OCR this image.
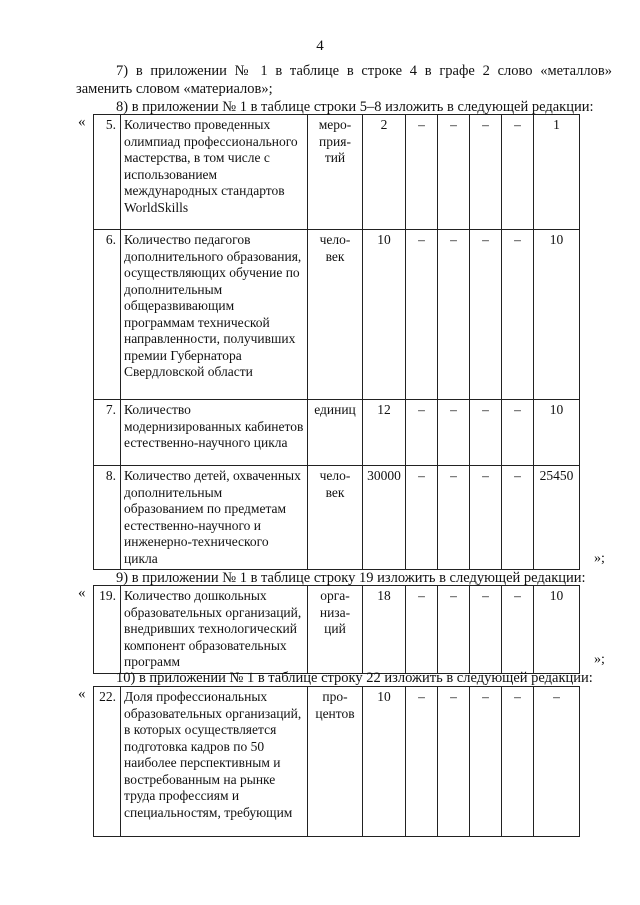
4
7) в приложении № 1 в таблице в строке 4 в графе 2 слово «металлов»
заменить словом «материалов»;
8) в приложении № 1 в таблице строки 5–8 изложить в следующей редакции:
« 5.	Количество проведенных олимпиад профессионального мастерства, в том числе с использованием международных стандартов WorldSkills	меро-
прия-
тий	2	–	–	–	–	1
6.	Количество педагогов дополнительного образования, осуществляющих обучение по дополнительным общеразвивающим программам технической направленности, получивших премии Губернатора Свердловской области	чело-
век	10	–	–	–	–	10
7.	Количество модернизированных кабинетов естественно-научного цикла	единиц	12	–	–	–	–	10
8.	Количество детей, охваченных дополнительным образованием по предметам естественно-научного и инженерно-технического цикла	чело-
век	30000	–	–	–	–	25450
»;
9) в приложении № 1 в таблице строку 19 изложить в следующей редакции:
« 19.	Количество дошкольных образовательных организаций, внедривших технологический компонент образовательных программ	орга-
низа-
ций	18	–	–	–	–	10
»;
10) в приложении № 1 в таблице строку 22 изложить в следующей редакции:
« 22.	Доля профессиональных образовательных организаций, в которых осуществляется подготовка кадров по 50 наиболее перспективным и востребованным на рынке труда профессиям и специальностям, требующим	про-
центов	10	–	–	–	–	–
